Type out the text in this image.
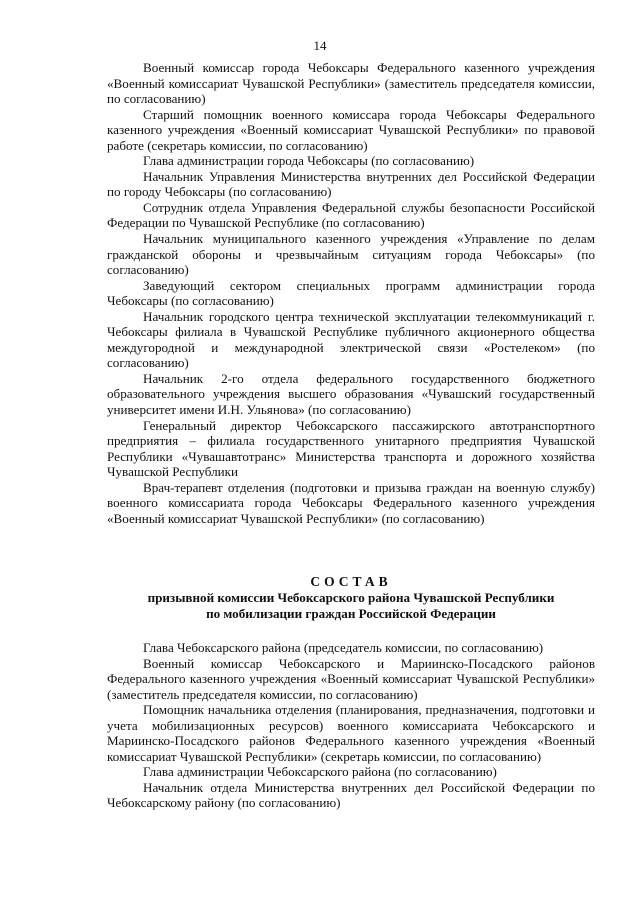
14

Военный комиссар города Чебоксары Федерального казенного учреждения «Военный комиссариат Чувашской Республики» (заместитель председателя комиссии, по согласованию)

Старший помощник военного комиссара города Чебоксары Федерального казенного учреждения «Военный комиссариат Чувашской Республики» по правовой работе (секретарь комиссии, по согласованию)

Глава администрации города Чебоксары (по согласованию)

Начальник Управления Министерства внутренних дел Российской Федерации по городу Чебоксары (по согласованию)

Сотрудник отдела Управления Федеральной службы безопасности Российской Федерации по Чувашской Республике (по согласованию)

Начальник муниципального казенного учреждения «Управление по делам гражданской обороны и чрезвычайным ситуациям города Чебоксары» (по согласованию)

Заведующий сектором специальных программ администрации города Чебоксары (по согласованию)

Начальник городского центра технической эксплуатации телекоммуникаций г. Чебоксары филиала в Чувашской Республике публичного акционерного общества междугородной и международной электрической связи «Ростелеком» (по согласованию)

Начальник 2-го отдела федерального государственного бюджетного образовательного учреждения высшего образования «Чувашский государственный университет имени И.Н. Ульянова» (по согласованию)

Генеральный директор Чебоксарского пассажирского автотранспортного предприятия – филиала государственного унитарного предприятия Чувашской Республики «Чувашавтотранс» Министерства транспорта и дорожного хозяйства Чувашской Республики

Врач-терапевт отделения (подготовки и призыва граждан на военную службу) военного комиссариата города Чебоксары Федерального казенного учреждения «Военный комиссариат Чувашской Республики» (по согласованию)

СОСТАВ

призывной комиссии Чебоксарского района Чувашской Республики

по мобилизации граждан Российской Федерации

Глава Чебоксарского района (председатель комиссии, по согласованию)

Военный комиссар Чебоксарского и Мариинско-Посадского районов Федерального казенного учреждения «Военный комиссариат Чувашской Республики» (заместитель председателя комиссии, по согласованию)

Помощник начальника отделения (планирования, предназначения, подготовки и учета мобилизационных ресурсов) военного комиссариата Чебоксарского и Мариинско-Посадского районов Федерального казенного учреждения «Военный комиссариат Чувашской Республики» (секретарь комиссии, по согласованию)

Глава администрации Чебоксарского района (по согласованию)

Начальник отдела Министерства внутренних дел Российской Федерации по Чебоксарскому району (по согласованию)
